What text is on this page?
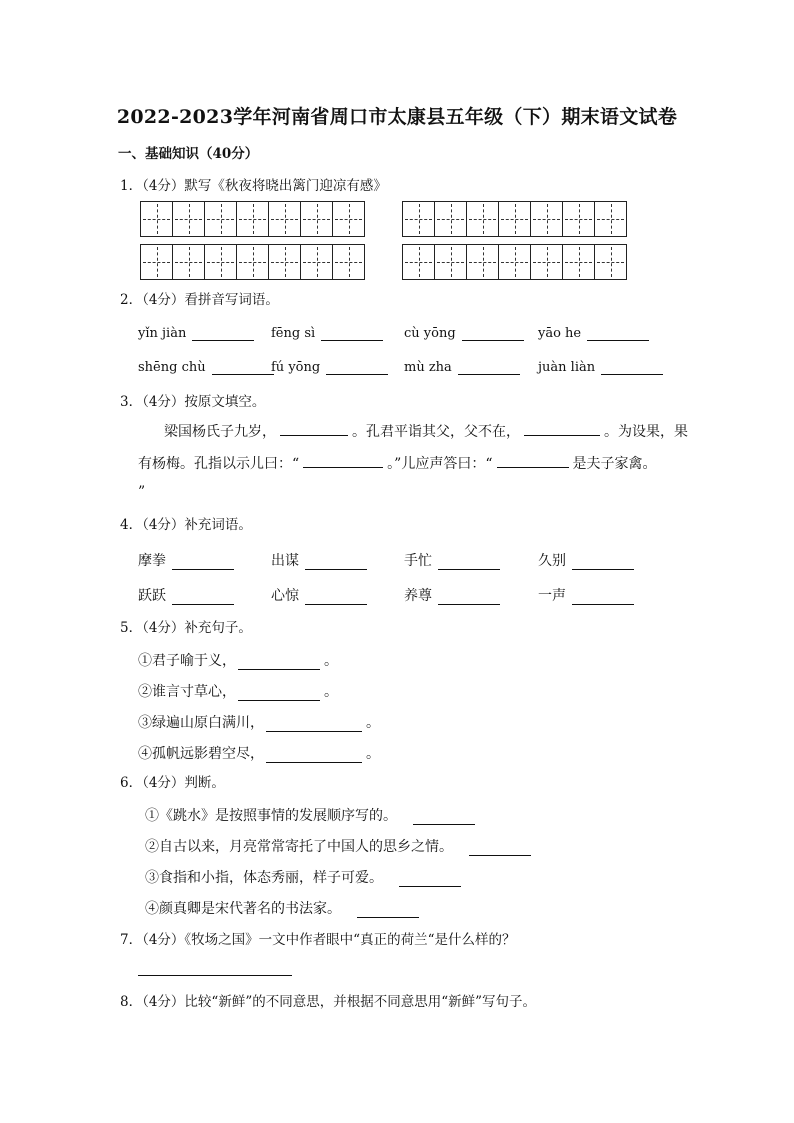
2022-2023学年河南省周口市太康县五年级（下）期末语文试卷
一、基础知识（40分）
1．（4分）默写《秋夜将晓出篱门迎凉有感》
2．（4分）看拼音写词语。
yǐn jiàn	fēng sì	cù yōng	yāo he
shēng chù	fú yōng	mù zha	juàn liàn
3．（4分）按原文填空。
梁国杨氏子九岁，	。孔君平诣其父，父不在，	。为设果，果
有杨梅。孔指以示儿曰：“	。”儿应声答曰：“	是夫子家禽。
”
4．（4分）补充词语。
摩拳	出谋	手忙	久别
跃跃	心惊	养尊	一声
5．（4分）补充句子。
①君子喻于义，	。
②谁言寸草心，	。
③绿遍山原白满川，	。
④孤帆远影碧空尽，	。
6．（4分）判断。
①《跳水》是按照事情的发展顺序写的。
②自古以来，月亮常常寄托了中国人的思乡之情。
③食指和小指，体态秀丽，样子可爱。
④颜真卿是宋代著名的书法家。
7．（4分）《牧场之国》一文中作者眼中“真正的荷兰“是什么样的？
8．（4分）比较“新鲜”的不同意思，并根据不同意思用“新鲜”写句子。
